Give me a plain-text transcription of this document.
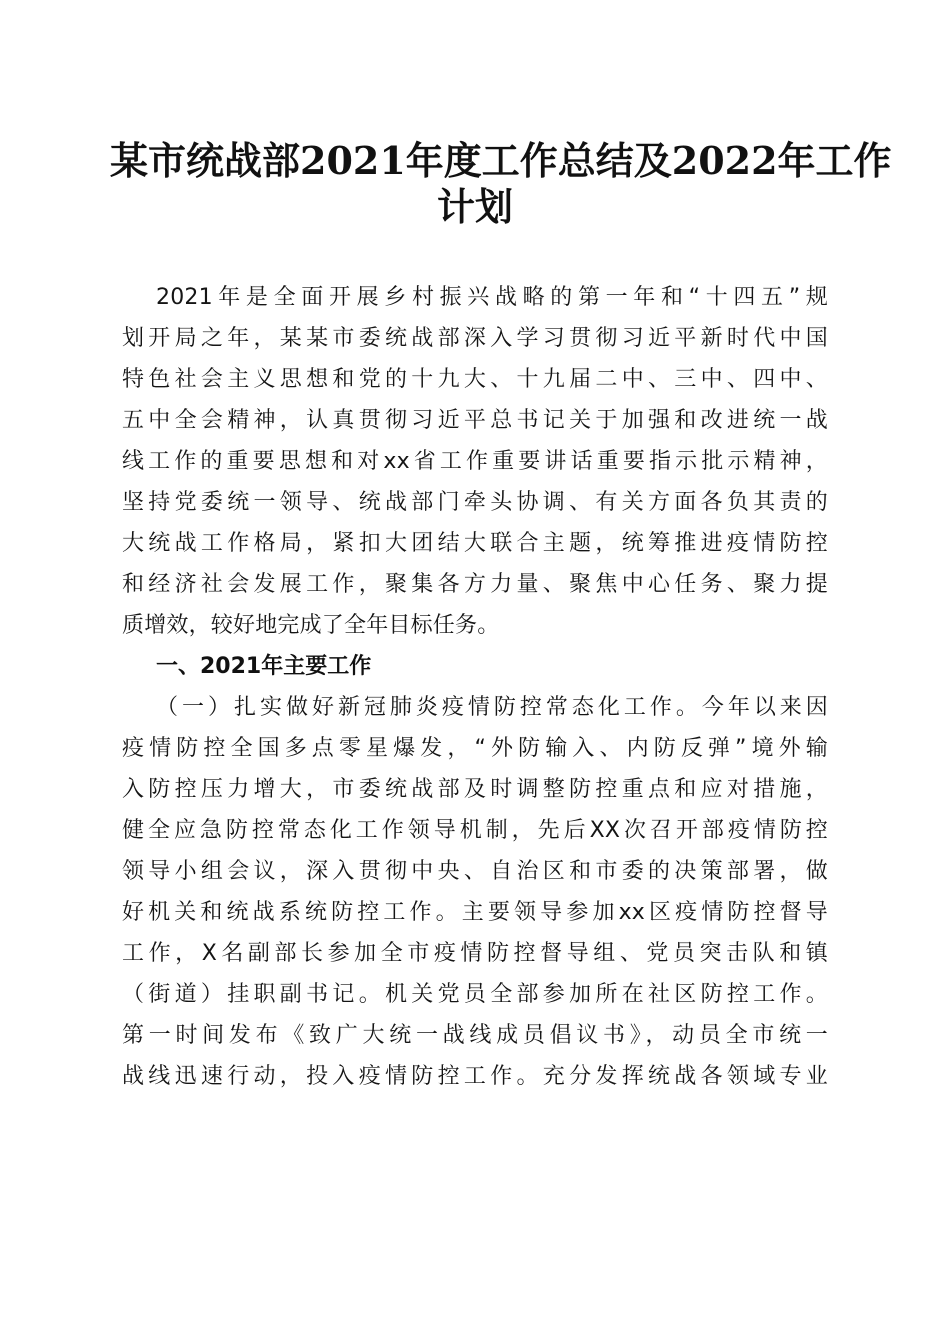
某市统战部2021年度工作总结及2022年工作
计划
2021年是全面开展乡村振兴战略的第一年和“十四五”规
划开局之年，某某市委统战部深入学习贯彻习近平新时代中国
特色社会主义思想和党的十九大、十九届二中、三中、四中、
五中全会精神，认真贯彻习近平总书记关于加强和改进统一战
线工作的重要思想和对xx省工作重要讲话重要指示批示精神，
坚持党委统一领导、统战部门牵头协调、有关方面各负其责的
大统战工作格局，紧扣大团结大联合主题，统筹推进疫情防控
和经济社会发展工作，聚集各方力量、聚焦中心任务、聚力提
质增效，较好地完成了全年目标任务。
一、2021年主要工作
（一）扎实做好新冠肺炎疫情防控常态化工作。今年以来因
疫情防控全国多点零星爆发，“外防输入、内防反弹”境外输
入防控压力增大，市委统战部及时调整防控重点和应对措施，
健全应急防控常态化工作领导机制，先后XX次召开部疫情防控
领导小组会议，深入贯彻中央、自治区和市委的决策部署，做
好机关和统战系统防控工作。主要领导参加xx区疫情防控督导
工作，X名副部长参加全市疫情防控督导组、党员突击队和镇
（街道）挂职副书记。机关党员全部参加所在社区防控工作。
第一时间发布《致广大统一战线成员倡议书》，动员全市统一
战线迅速行动，投入疫情防控工作。充分发挥统战各领域专业
